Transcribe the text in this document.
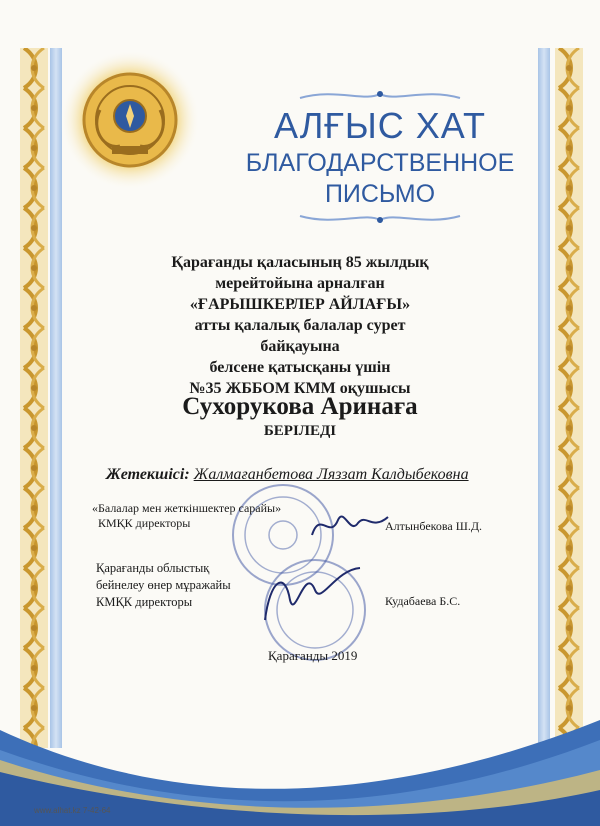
АЛҒЫС ХАТ
БЛАГОДАРСТВЕННОЕ
ПИСЬМО
Қарағанды қаласының 85 жылдық
мерейтойына арналған
«ҒАРЫШКЕРЛЕР АЙЛАҒЫ»
атты қалалық балалар сурет
байқауына
белсене қатысқаны үшін
№35 ЖББОМ КММ оқушысы
Сухорукова Аринаға
БЕРІЛЕДІ
Жетекшісі: Жалмағанбетова Ляззат Калдыбековна
«Балалар мен жеткіншектер сарайы»
КМҚК директоры	Алтынбекова Ш.Д.
Қарағанды облыстық
бейнелеу өнер мұражайы
КМҚК директоры	Кудабаева Б.С.
Қарағанды 2019
www.alhat.kz 7-42-64
